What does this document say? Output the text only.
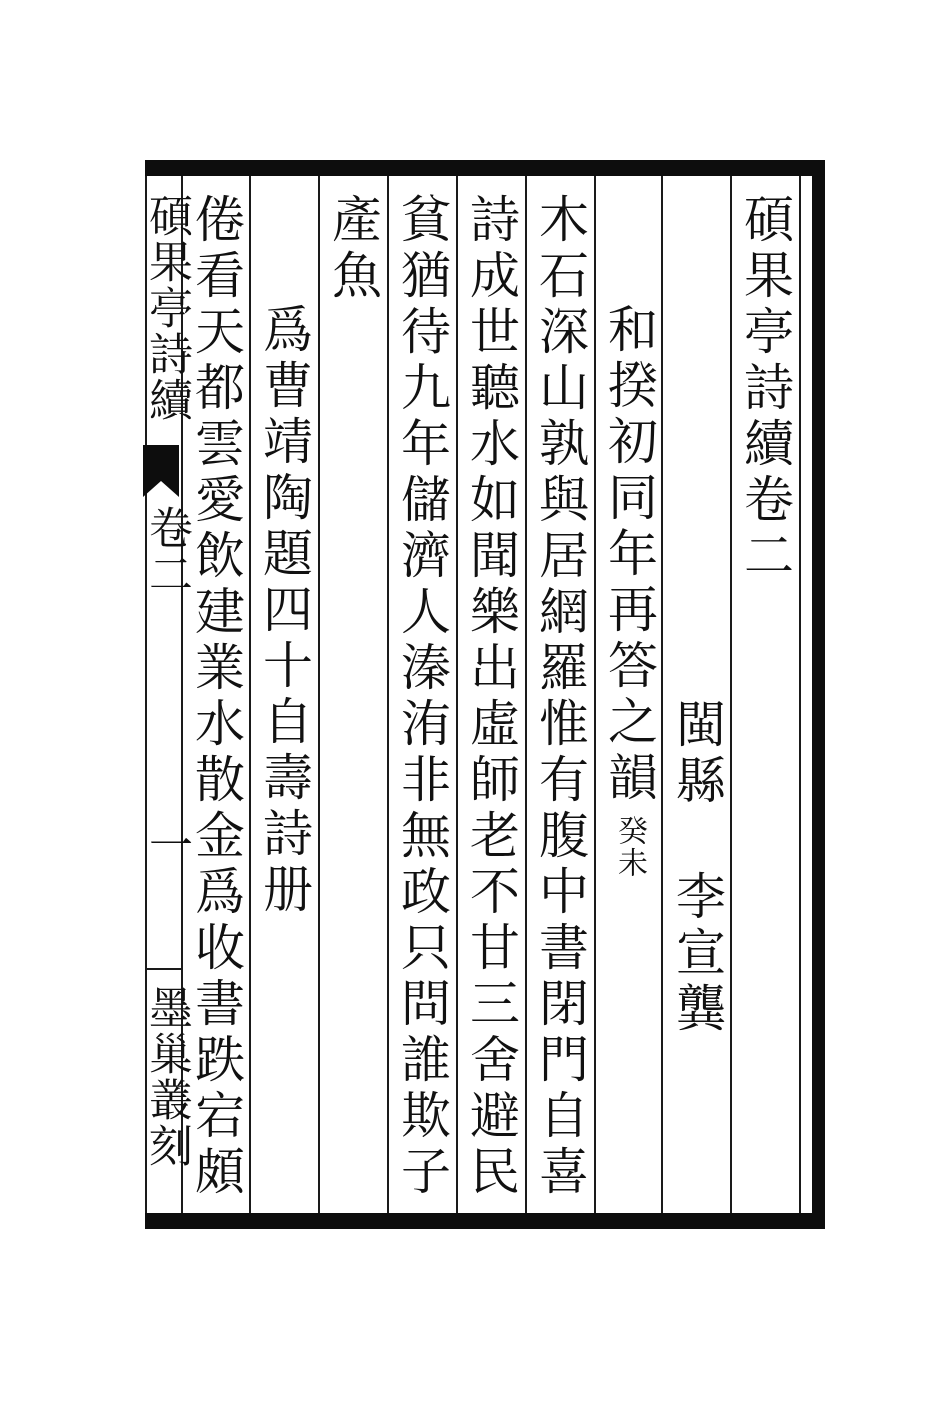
碩果亭詩續卷二
閩縣
李宣龔
和揆初同年再答之韻
癸未
木石深山孰與居網羅惟有腹中書閉門自喜
詩成世聽水如聞樂出虛師老不甘三舍避民
貧猶待九年儲濟人溱洧非無政只問誰欺子
產魚
爲曹靖陶題四十自壽詩册
倦看天都雲愛飲建業水散金爲收書跌宕頗
碩果亭詩續
卷二
一
墨巢叢刻
